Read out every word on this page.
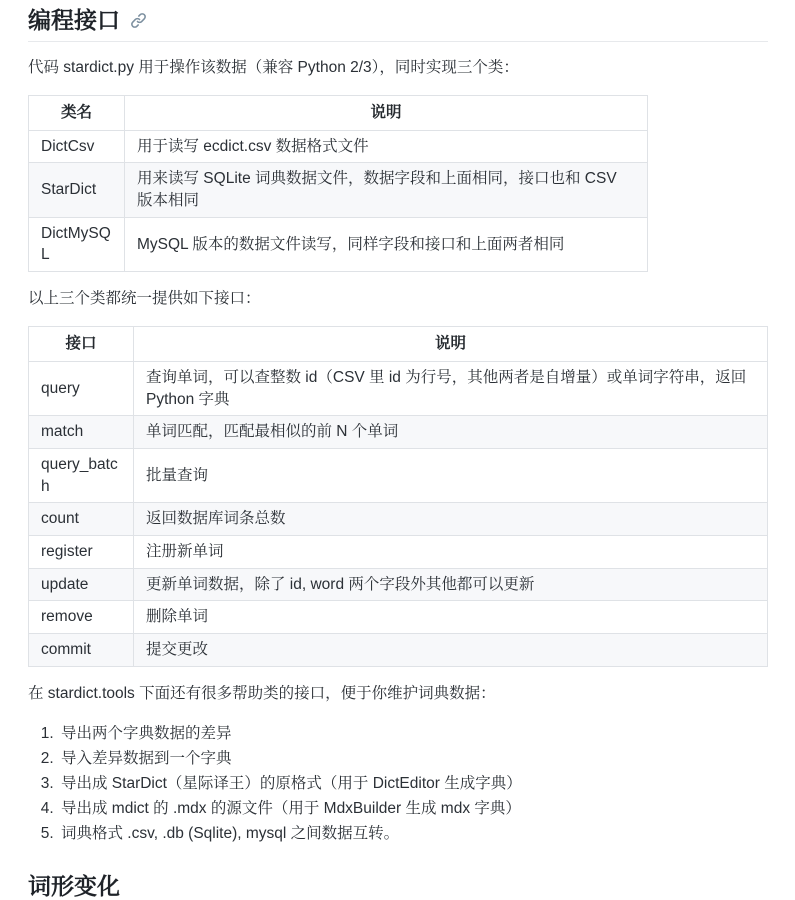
编程接口

代码 stardict.py 用于操作该数据（兼容 Python 2/3），同时实现三个类：

类名	说明
DictCsv	用于读写 ecdict.csv 数据格式文件
StarDict	用来读写 SQLite 词典数据文件，数据字段和上面相同，接口也和 CSV 版本相同
DictMySQL	MySQL 版本的数据文件读写，同样字段和接口和上面两者相同

以上三个类都统一提供如下接口：

接口	说明
query	查询单词，可以查整数 id（CSV 里 id 为行号，其他两者是自增量）或单词字符串，返回 Python 字典
match	单词匹配，匹配最相似的前 N 个单词
query_batch	批量查询
count	返回数据库词条总数
register	注册新单词
update	更新单词数据，除了 id, word 两个字段外其他都可以更新
remove	删除单词
commit	提交更改

在 stardict.tools 下面还有很多帮助类的接口，便于你维护词典数据：

1. 导出两个字典数据的差异
2. 导入差异数据到一个字典
3. 导出成 StarDict（星际译王）的原格式（用于 DictEditor 生成字典）
4. 导出成 mdict 的 .mdx 的源文件（用于 MdxBuilder 生成 mdx 字典）
5. 词典格式 .csv, .db (Sqlite), mysql 之间数据互转。
词形变化
